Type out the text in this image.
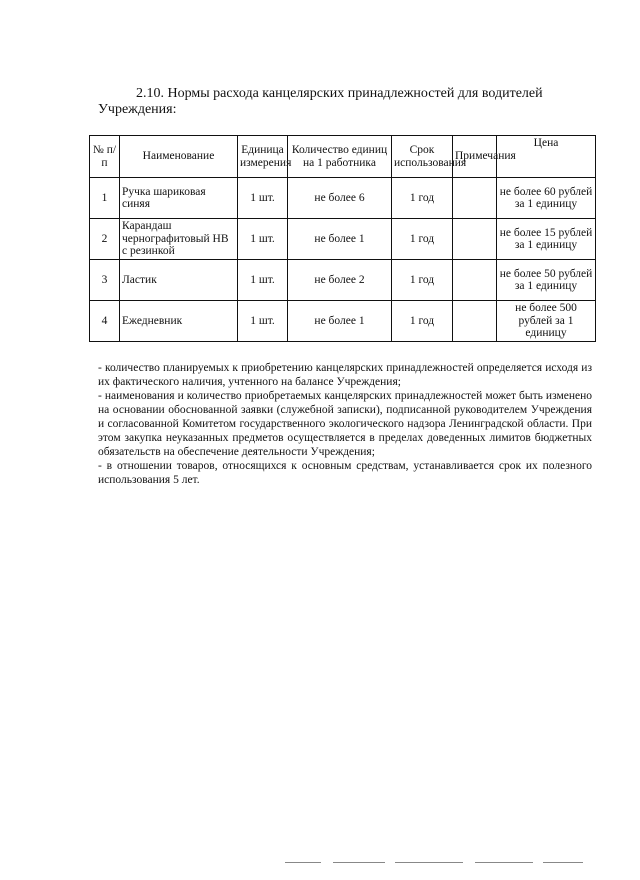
2.10. Нормы расхода канцелярских принадлежностей для водителей
Учреждения:
№ п/п	Наименование	Единица измерения	Количество единиц на 1 работника	Срок использования	Примечания	Цена
1	Ручка шариковая синяя	1 шт.	не более 6	1 год		не более 60 рублей за 1 единицу
2	Карандаш чернографитовый НВ с резинкой	1 шт.	не более 1	1 год		не более 15 рублей за 1 единицу
3	Ластик	1 шт.	не более 2	1 год		не более 50 рублей за 1 единицу
4	Ежедневник	1 шт.	не более 1	1 год		не более 500 рублей за 1 единицу

- количество планируемых к приобретению канцелярских принадлежностей определяется исходя из их фактического наличия, учтенного на балансе Учреждения;

- наименования и количество приобретаемых канцелярских принадлежностей может быть изменено на основании обоснованной заявки (служебной записки), подписанной руководителем Учреждения и согласованной Комитетом государственного экологического надзора Ленинградской области. При этом закупка неуказанных предметов осуществляется в пределах доведенных лимитов бюджетных обязательств на обеспечение деятельности Учреждения;

- в отношении товаров, относящихся к основным средствам, устанавливается срок их полезного использования 5 лет.
